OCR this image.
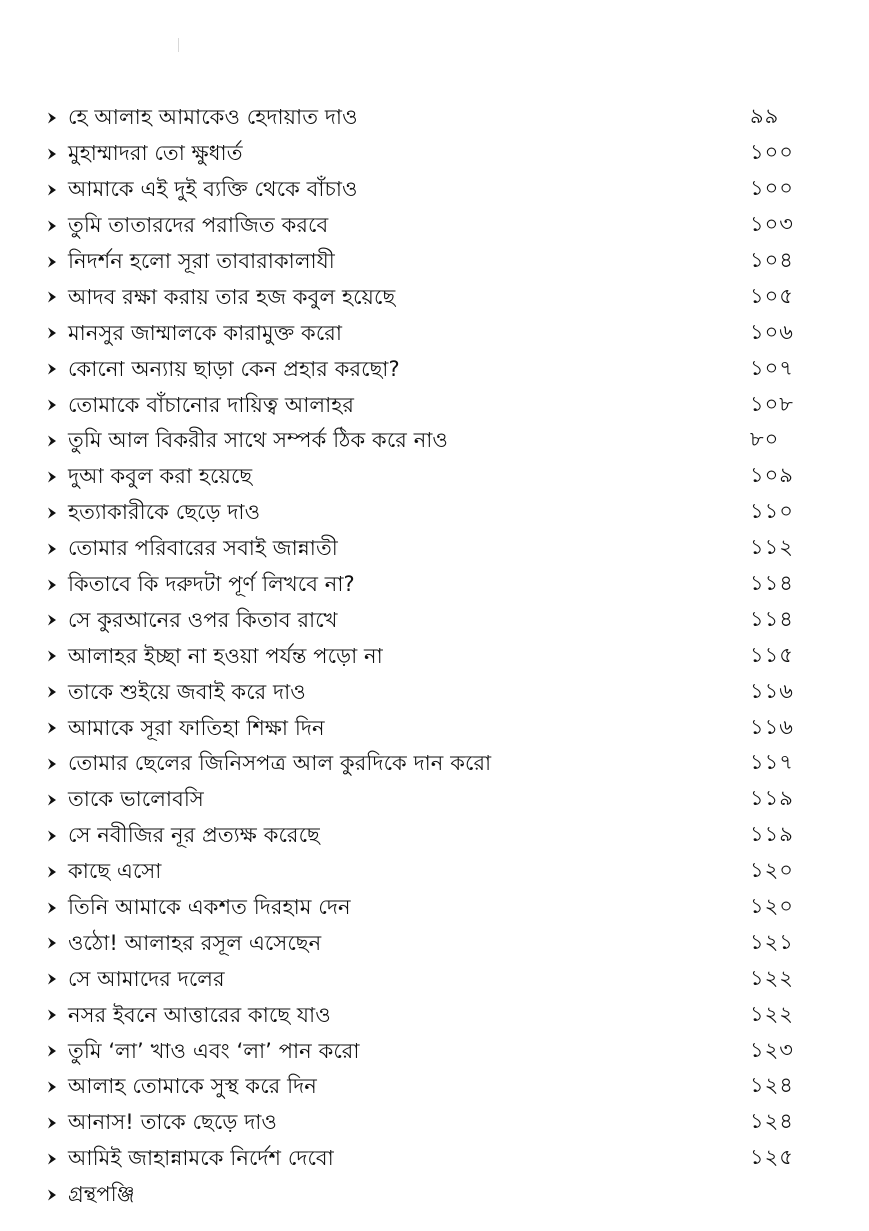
হে আলাহ আমাকেও হেদায়াত দাও	৯৯
মুহাম্মাদরা তো ক্ষুধার্ত	১০০
আমাকে এই দুই ব্যক্তি থেকে বাঁচাও	১০০
তুমি তাতারদের পরাজিত করবে	১০৩
নিদর্শন হলো সূরা তাবারাকালাযী	১০৪
আদব রক্ষা করায় তার হজ কবুল হয়েছে	১০৫
মানসুর জাম্মালকে কারামুক্ত করো	১০৬
কোনো অন্যায় ছাড়া কেন প্রহার করছো?	১০৭
তোমাকে বাঁচানোর দায়িত্ব আলাহর	১০৮
তুমি আল বিকরীর সাথে সম্পর্ক ঠিক করে নাও	৮০
দুআ কবুল করা হয়েছে	১০৯
হত্যাকারীকে ছেড়ে দাও	১১০
তোমার পরিবারের সবাই জান্নাতী	১১২
কিতাবে কি দরুদটা পূর্ণ লিখবে না?	১১৪
সে কুরআনের ওপর কিতাব রাখে	১১৪
আলাহর ইচ্ছা না হওয়া পর্যন্ত পড়ো না	১১৫
তাকে শুইয়ে জবাই করে দাও	১১৬
আমাকে সূরা ফাতিহা শিক্ষা দিন	১১৬
তোমার ছেলের জিনিসপত্র আল কুরদিকে দান করো	১১৭
তাকে ভালোবসি	১১৯
সে নবীজির নূর প্রত্যক্ষ করেছে	১১৯
কাছে এসো	১২০
তিনি আমাকে একশত দিরহাম দেন	১২০
ওঠো! আলাহর রসূল এসেছেন	১২১
সে আমাদের দলের	১২২
নসর ইবনে আত্তারের কাছে যাও	১২২
তুমি ‘লা’ খাও এবং ‘লা’ পান করো	১২৩
আলাহ তোমাকে সুস্থ করে দিন	১২৪
আনাস! তাকে ছেড়ে দাও	১২৪
আমিই জাহান্নামকে নির্দেশ দেবো	১২৫
গ্রন্থপঞ্জি
